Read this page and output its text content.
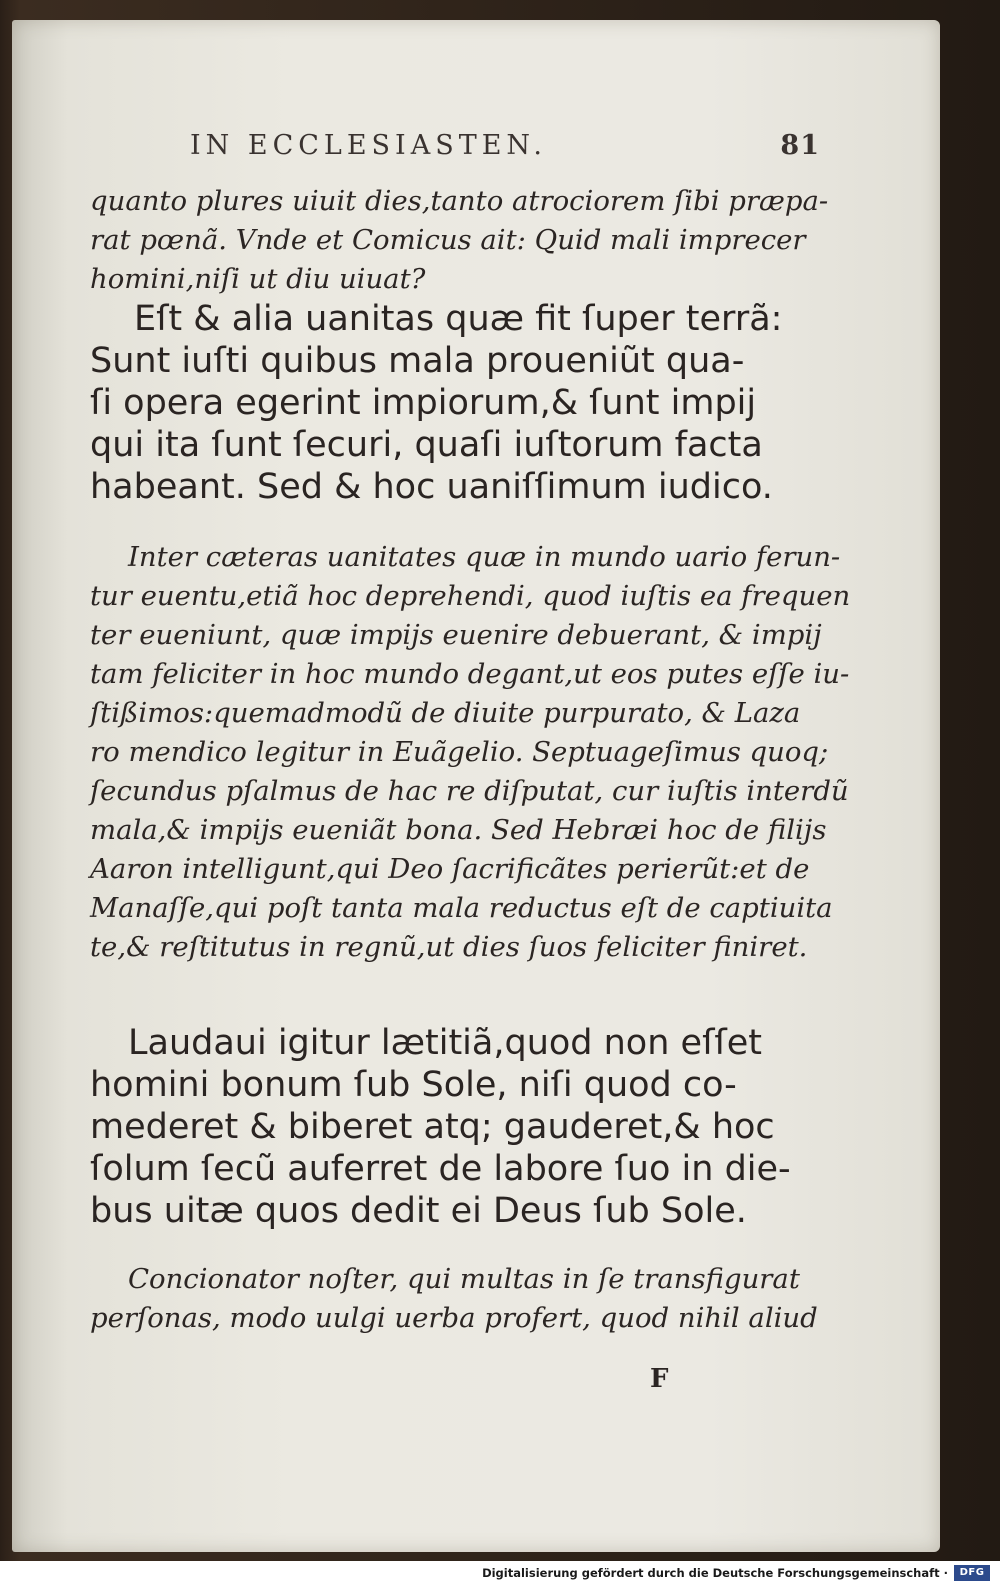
IN ECCLESIASTEN.	81
quanto plures uiuit dies,tanto atrociorem ſibi præpa-
rat pœnã. Vnde et Comicus ait: Quid mali imprecer
homini,niſi ut diu uiuat?
Eſt & alia uanitas quæ fit ſuper terrã:
Sunt iuſti quibus mala proueniũt qua-
ſi opera egerint impiorum,& ſunt impij
qui ita ſunt ſecuri, quaſi iuſtorum facta
habeant. Sed & hoc uaniſſimum iudico.
Inter cæteras uanitates quæ in mundo uario ferun-
tur euentu,etiã hoc deprehendi, quod iuſtis ea frequen
ter eueniunt, quæ impijs euenire debuerant, & impij
tam feliciter in hoc mundo degant,ut eos putes eſſe iu-
ſtißimos:quemadmodũ de diuite purpurato, & Laza
ro mendico legitur in Euãgelio. Septuageſimus quoq;
ſecundus pſalmus de hac re diſputat, cur iuſtis interdũ
mala,& impijs eueniãt bona. Sed Hebræi hoc de filijs
Aaron intelligunt,qui Deo ſacrificãtes perierũt:et de
Manaſſe,qui poſt tanta mala reductus eſt de captiuita
te,& reſtitutus in regnũ,ut dies ſuos feliciter finiret.
Laudaui igitur lætitiã,quod non eſſet
homini bonum ſub Sole, niſi quod co-
mederet & biberet atq; gauderet,& hoc
ſolum ſecũ auferret de labore ſuo in die-
bus uitæ quos dedit ei Deus ſub Sole.
Concionator noſter, qui multas in ſe transfigurat
perſonas, modo uulgi uerba profert, quod nihil aliud
F
Digitalisierung gefördert durch die Deutsche Forschungsgemeinschaft ·	DFG
